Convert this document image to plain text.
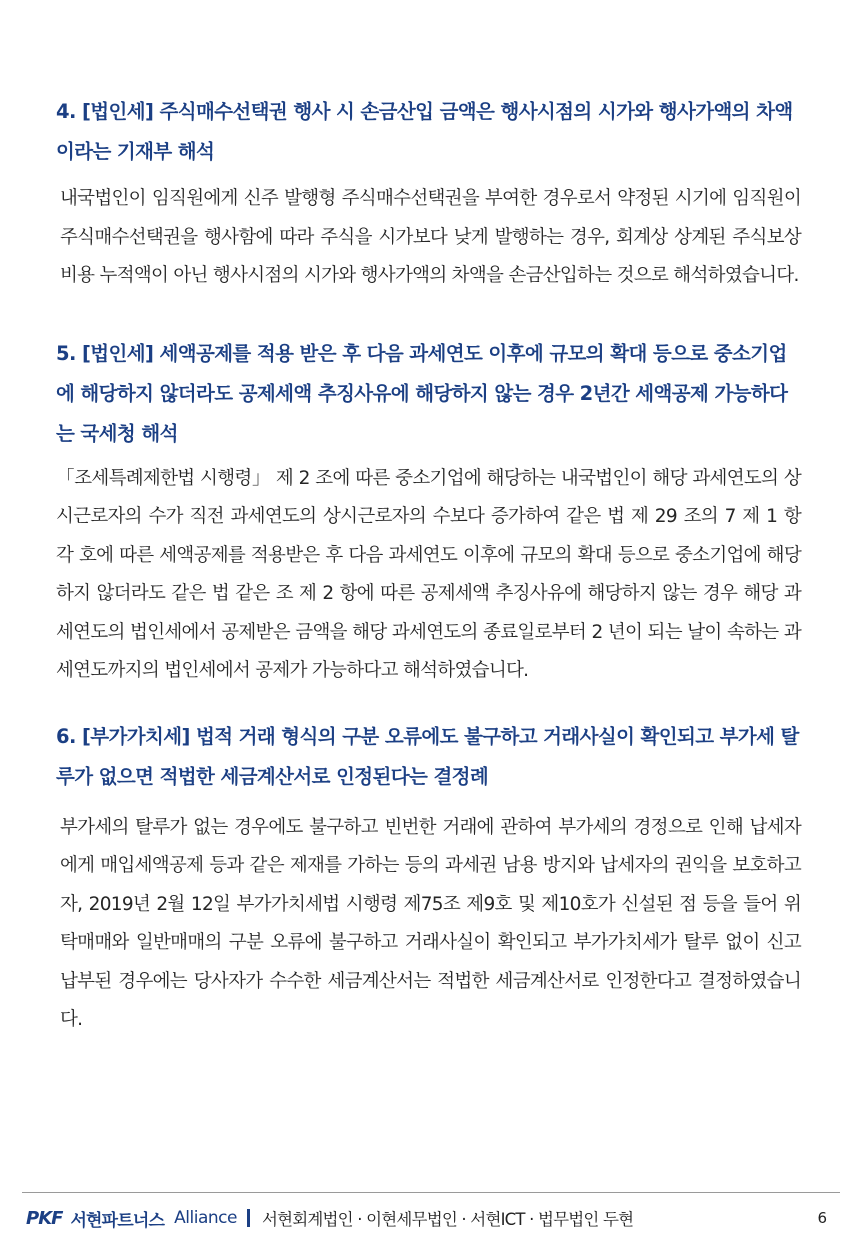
4. [법인세] 주식매수선택권 행사 시 손금산입 금액은 행사시점의 시가와 행사가액의 차액이라는 기재부 해석

내국법인이 임직원에게 신주 발행형 주식매수선택권을 부여한 경우로서 약정된 시기에 임직원이 주식매수선택권을 행사함에 따라 주식을 시가보다 낮게 발행하는 경우, 회계상 상계된 주식보상비용 누적액이 아닌 행사시점의 시가와 행사가액의 차액을 손금산입하는 것으로 해석하였습니다.

5. [법인세] 세액공제를 적용 받은 후 다음 과세연도 이후에 규모의 확대 등으로 중소기업에 해당하지 않더라도 공제세액 추징사유에 해당하지 않는 경우 2년간 세액공제 가능하다는 국세청 해석

「조세특례제한법 시행령」 제 2 조에 따른 중소기업에 해당하는 내국법인이 해당 과세연도의 상시근로자의 수가 직전 과세연도의 상시근로자의 수보다 증가하여 같은 법 제 29 조의 7 제 1 항 각 호에 따른 세액공제를 적용받은 후 다음 과세연도 이후에 규모의 확대 등으로 중소기업에 해당하지 않더라도 같은 법 같은 조 제 2 항에 따른 공제세액 추징사유에 해당하지 않는 경우 해당 과세연도의 법인세에서 공제받은 금액을 해당 과세연도의 종료일로부터 2 년이 되는 날이 속하는 과세연도까지의 법인세에서 공제가 가능하다고 해석하였습니다.

6. [부가가치세] 법적 거래 형식의 구분 오류에도 불구하고 거래사실이 확인되고 부가세 탈루가 없으면 적법한 세금계산서로 인정된다는 결정례

부가세의 탈루가 없는 경우에도 불구하고 빈번한 거래에 관하여 부가세의 경정으로 인해 납세자에게 매입세액공제 등과 같은 제재를 가하는 등의 과세권 남용 방지와 납세자의 권익을 보호하고자, 2019년 2월 12일 부가가치세법 시행령 제75조 제9호 및 제10호가 신설된 점 등을 들어 위탁매매와 일반매매의 구분 오류에 불구하고 거래사실이 확인되고 부가가치세가 탈루 없이 신고 납부된 경우에는 당사자가 수수한 세금계산서는 적법한 세금계산서로 인정한다고 결정하였습니다.

PKF 서현파트너스 Alliance 서현회계법인 · 이현세무법인 · 서현ICT · 법무법인 두현	6
